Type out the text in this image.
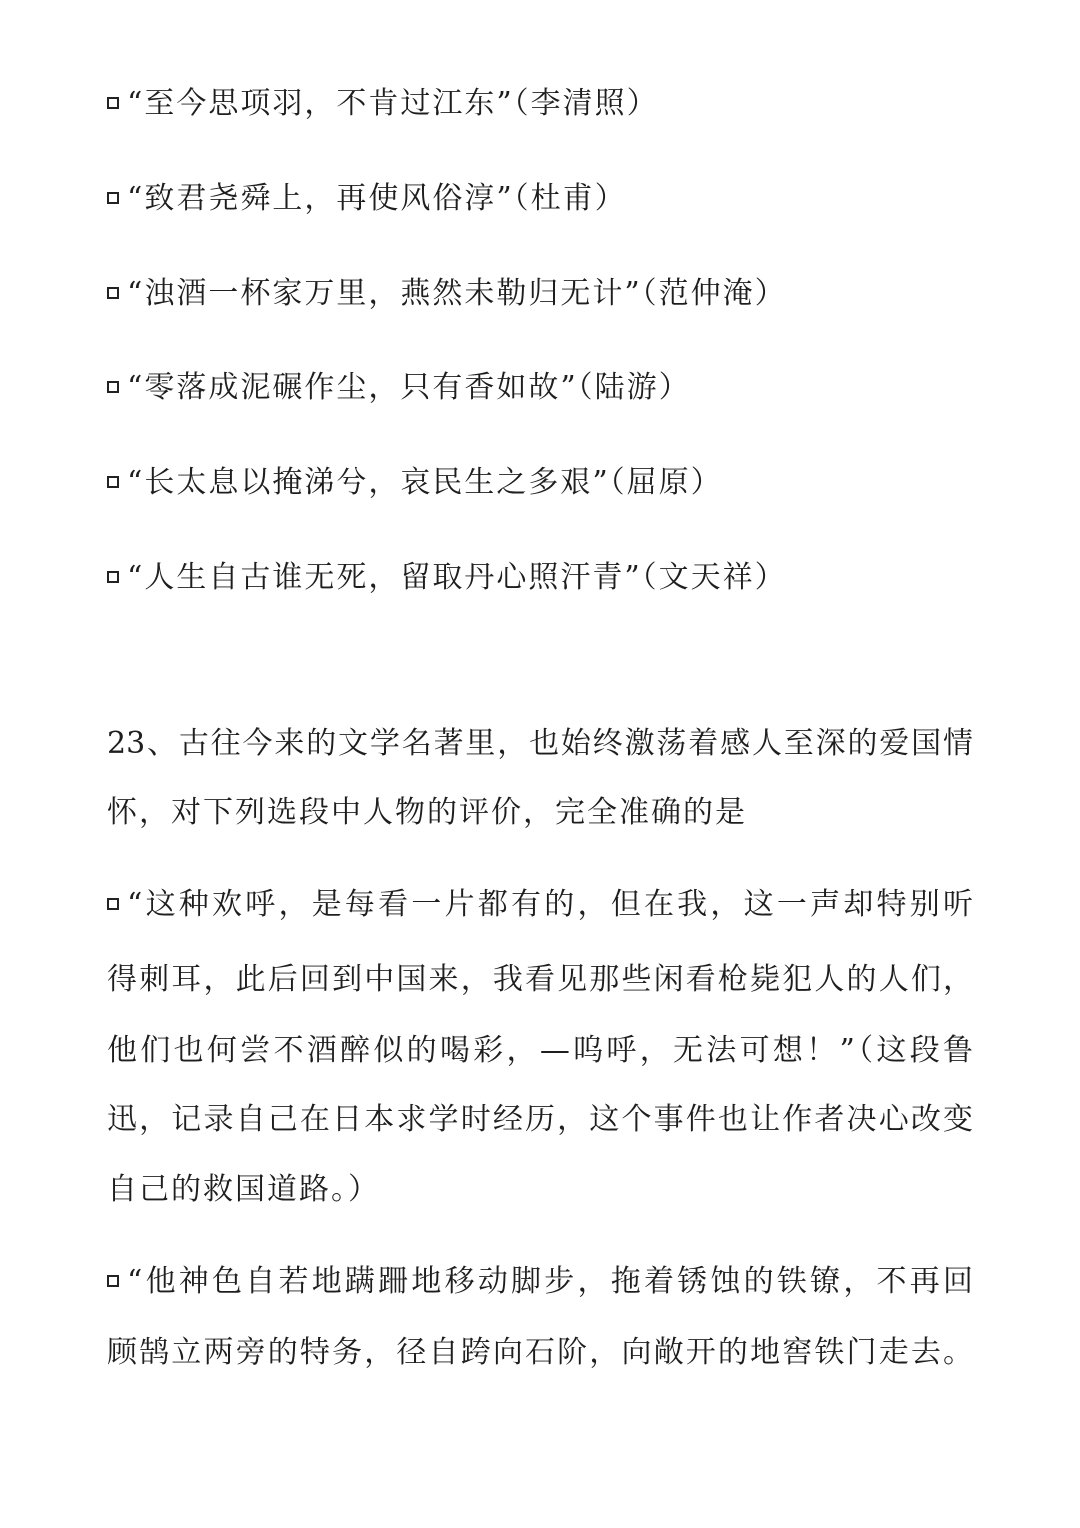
“至今思项羽，不肯过江东”（李清照）
“致君尧舜上，再使风俗淳”（杜甫）
“浊酒一杯家万里，燕然未勒归无计”（范仲淹）
“零落成泥碾作尘，只有香如故”（陆游）
“长太息以掩涕兮，哀民生之多艰”（屈原）
“人生自古谁无死，留取丹心照汗青”（文天祥）

23、古往今来的文学名著里，也始终激荡着感人至深的爱国情

怀，对下列选段中人物的评价，完全准确的是

“这种欢呼，是每看一片都有的，但在我，这一声却特别听

得刺耳，此后回到中国来，我看见那些闲看枪毙犯人的人们，

他们也何尝不酒醉似的喝彩，—呜呼，无法可想！”（这段鲁

迅，记录自己在日本求学时经历，这个事件也让作者决心改变

自己的救国道路。）

“他神色自若地蹒跚地移动脚步，拖着锈蚀的铁镣，不再回

顾鹄立两旁的特务，径自跨向石阶，向敞开的地窖铁门走去。
